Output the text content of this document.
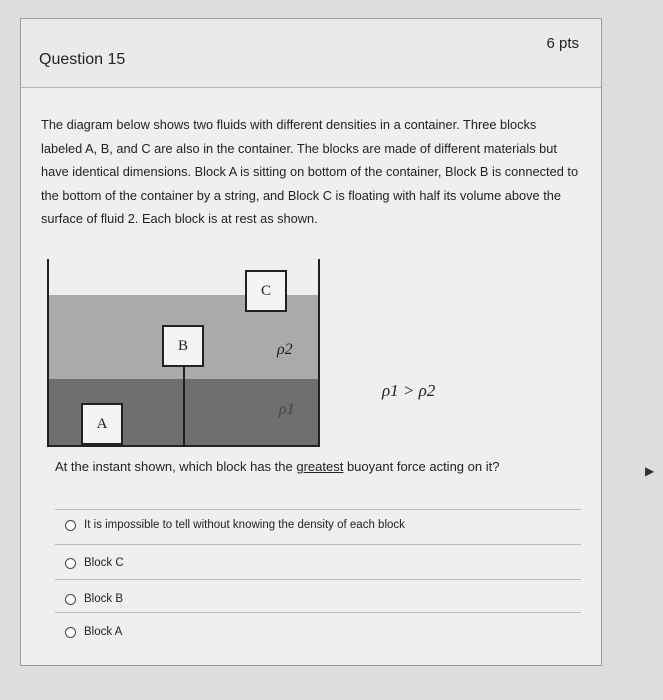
Question 15
6 pts
The diagram below shows two fluids with different densities in a container. Three blocks labeled A, B, and C are also in the container. The blocks are made of different materials but have identical dimensions. Block A is sitting on bottom of the container, Block B is connected to the bottom of the container by a string, and Block C is floating with half its volume above the surface of fluid 2. Each block is at rest as shown.
C
B
A
ρ2
ρ1
ρ1 > ρ2
At the instant shown, which block has the greatest buoyant force acting on it?
It is impossible to tell without knowing the density of each block
Block C
Block B
Block A
▶
